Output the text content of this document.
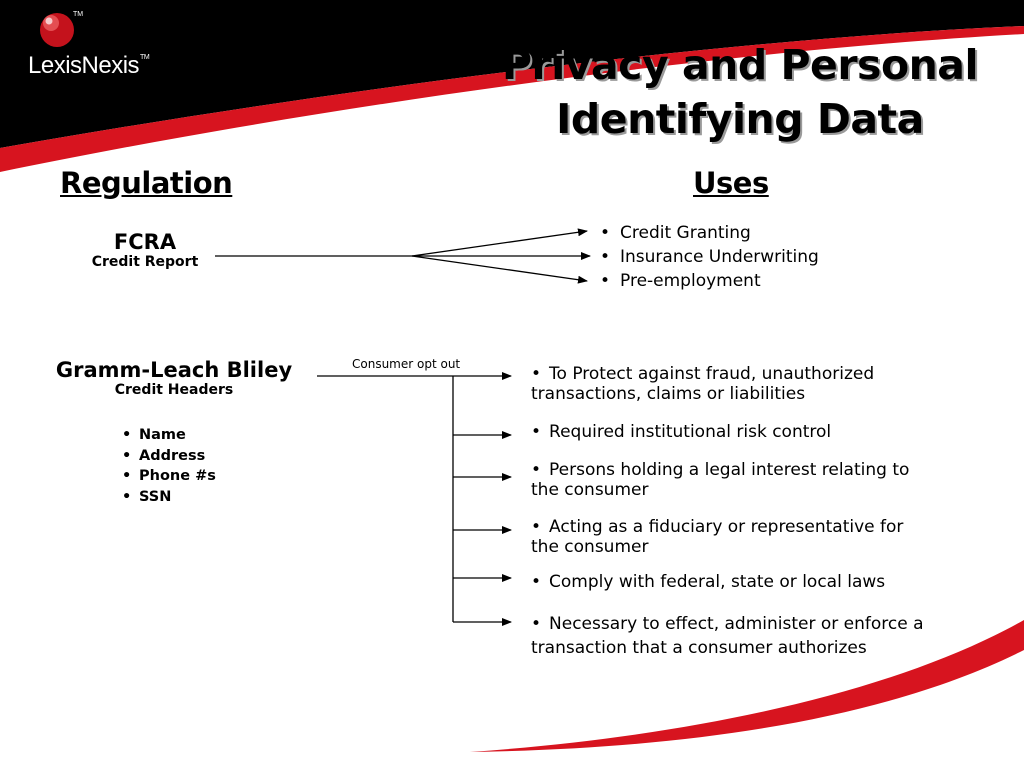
TM
LexisNexis™	Privacy and Personal
Identifying Data
Regulation	Uses
FCRA
Credit Report
• Credit Granting
• Insurance Underwriting
• Pre-employment
Gramm-Leach Bliley
Credit Headers
• Name
• Address
• Phone #s
• SSN
Consumer opt out	• To Protect against fraud, unauthorized
transactions, claims or liabilities
• Required institutional risk control
• Persons holding a legal interest relating to
the consumer
• Acting as a fiduciary or representative for
the consumer
• Comply with federal, state or local laws
• Necessary to effect, administer or enforce a
transaction that a consumer authorizes
